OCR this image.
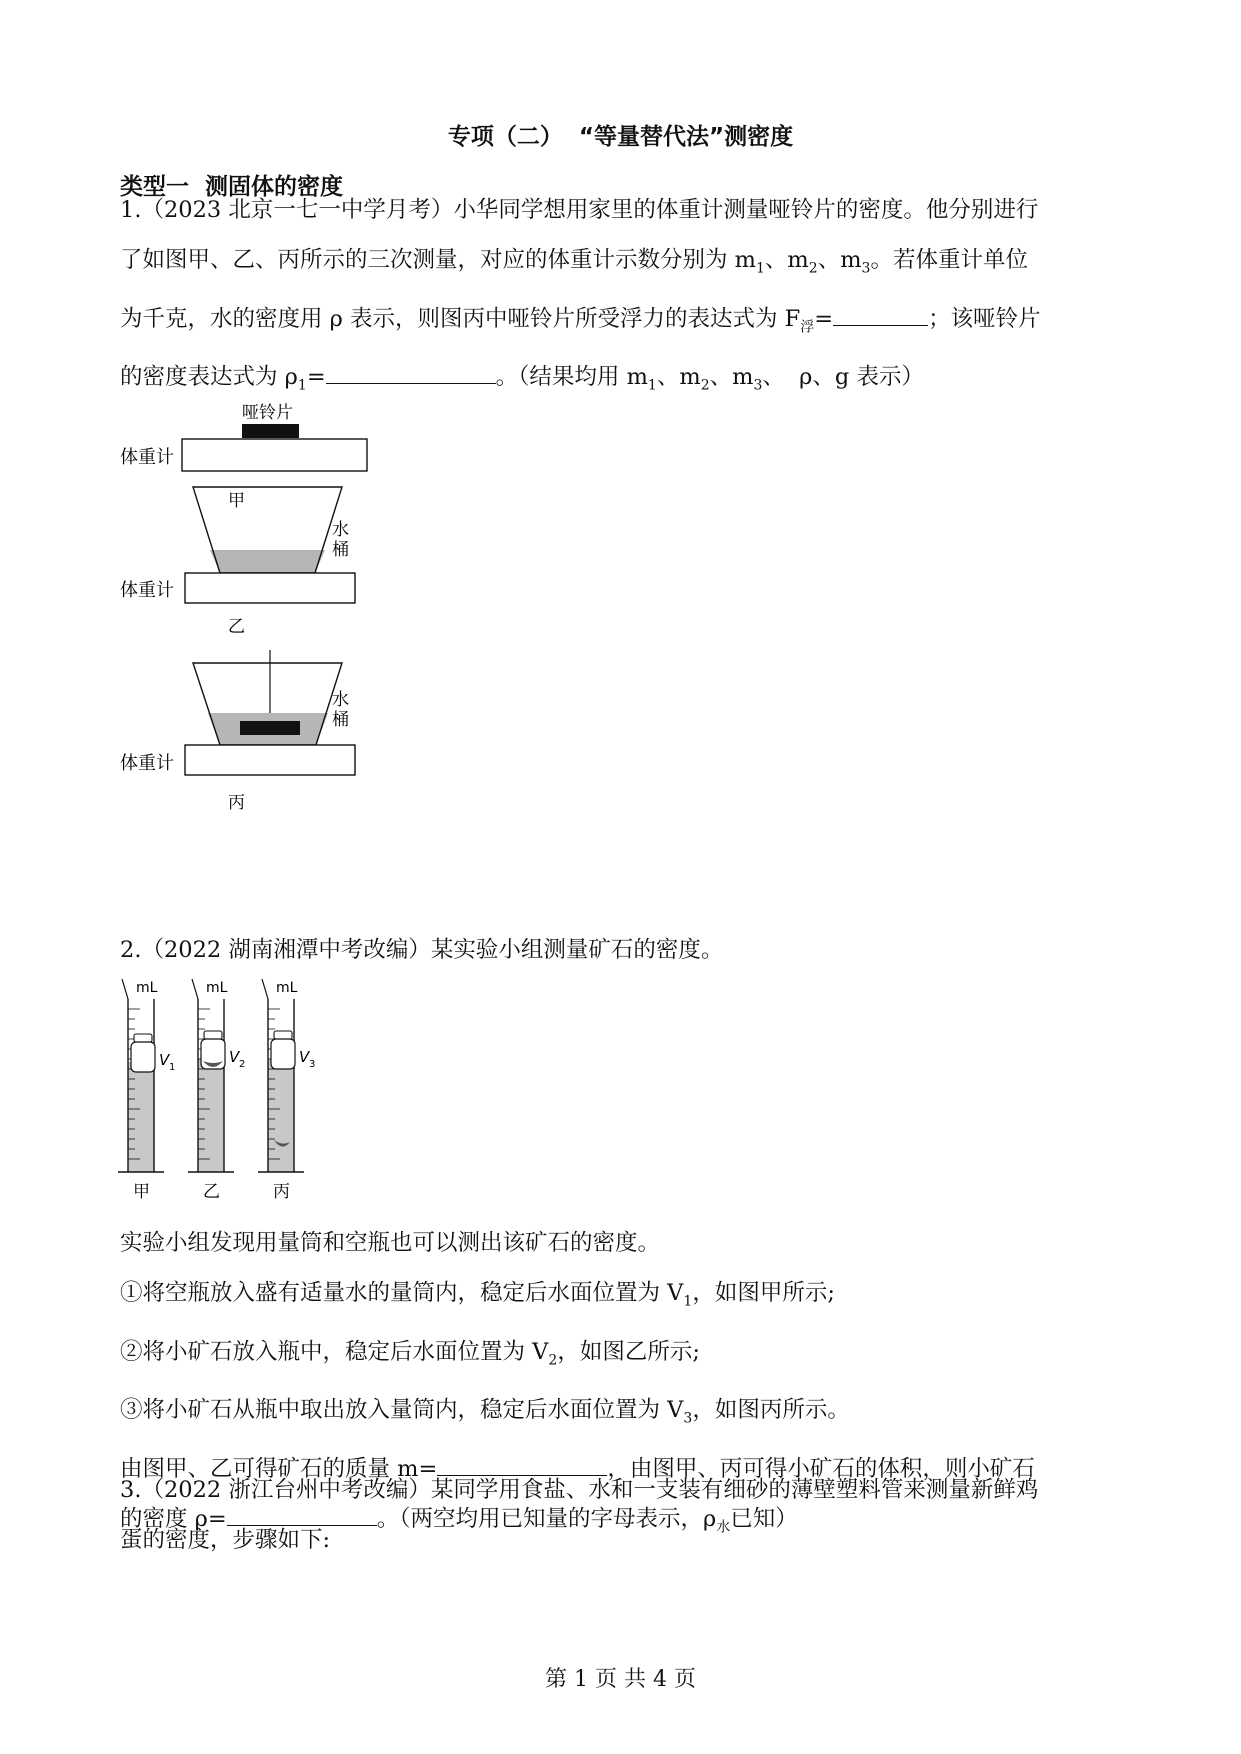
专项（二）  “等量替代法”测密度
类型一  测固体的密度
1.（2023 北京一七一中学月考）小华同学想用家里的体重计测量哑铃片的密度。他分别进行
了如图甲、乙、丙所示的三次测量，对应的体重计示数分别为 $m_1$、$m_2$、$m_3$。若体重计单位
为千克，水的密度用 ρ 表示，则图丙中哑铃片所受浮力的表达式为 $F_浮=$	；该哑铃片
的密度表达式为 $\rho_1=$	。（结果均用 $m_1$、$m_2$、$m_3$、  ρ、g 表示）
哑铃片
体重计
甲
水
桶
体重计
乙
水
桶
体重计
丙
2.（2022 湖南湘潭中考改编）某实验小组测量矿石的密度。
mL
V 1
甲
mL
V 2
乙
mL
V 3
丙
实验小组发现用量筒和空瓶也可以测出该矿石的密度。
①将空瓶放入盛有适量水的量筒内，稳定后水面位置为 $V_1$，如图甲所示;
②将小矿石放入瓶中，稳定后水面位置为 $V_2$，如图乙所示;
③将小矿石从瓶中取出放入量筒内，稳定后水面位置为 $V_3$，如图丙所示。
由图甲、乙可得矿石的质量 m=	，由图甲、丙可得小矿石的体积，则小矿石
的密度 ρ=	。（两空均用已知量的字母表示，$\rho_水$已知）
3.（2022 浙江台州中考改编）某同学用食盐、水和一支装有细砂的薄壁塑料管来测量新鲜鸡
蛋的密度，步骤如下:
第 1 页 共 4 页
